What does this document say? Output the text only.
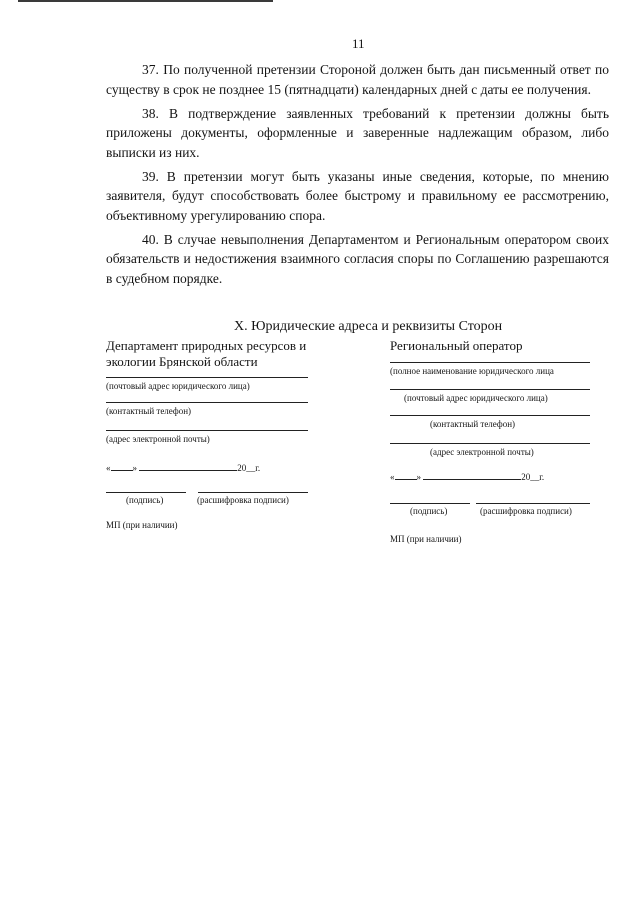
11

37. По полученной претензии Стороной должен быть дан письменный ответ по существу в срок не позднее 15 (пятнадцати) календарных дней с даты ее получения.

38. В подтверждение заявленных требований к претензии должны быть приложены документы, оформленные и заверенные надлежащим образом, либо выписки из них.

39. В претензии могут быть указаны иные сведения, которые, по мнению заявителя, будут способствовать более быстрому и правильному ее рассмотрению, объективному урегулированию спора.

40. В случае невыполнения Департаментом и Региональным оператором своих обязательств и недостижения взаимного согласия споры по Соглашению разрешаются в судебном порядке.

X. Юридические адреса и реквизиты Сторон
Департамент природных ресурсов и экологии Брянской области
(почтовый адрес юридического лица)
(контактный телефон)
(адрес электронной почты)
« »	20__г.
(подпись)	(расшифровка подписи)
МП (при наличии)
Региональный оператор
(полное наименование юридического лица
(почтовый адрес юридического лица)
(контактный телефон)
(адрес электронной почты)
« »	20__г.
(подпись)	(расшифровка подписи)
МП (при наличии)
